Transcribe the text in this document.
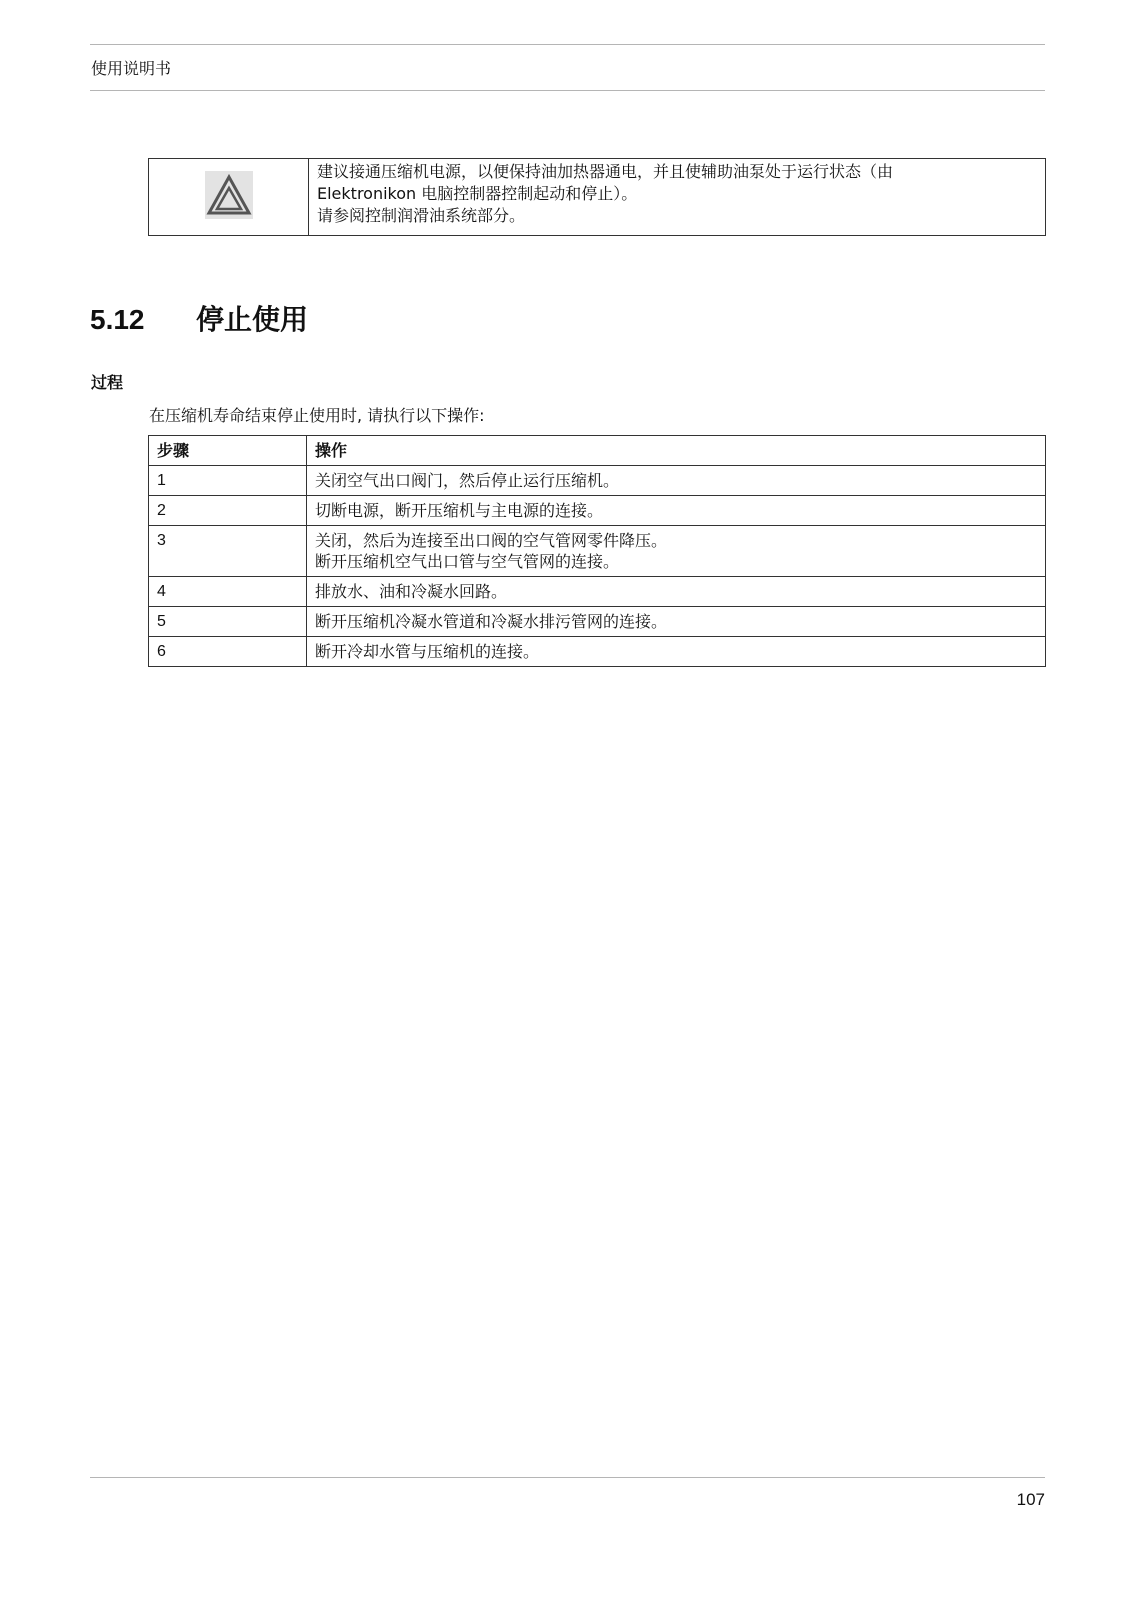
使用说明书

建议接通压缩机电源，以便保持油加热器通电，并且使辅助油泵处于运行状态（由
Elektronikon 电脑控制器控制起动和停止）。
请参阅控制润滑油系统部分。
5.12 停止使用
过程
在压缩机寿命结束停止使用时, 请执行以下操作:
步骤	操作
1	关闭空气出口阀门，然后停止运行压缩机。

2	切断电源，断开压缩机与主电源的连接。

3	关闭，然后为连接至出口阀的空气管网零件降压。
断开压缩机空气出口管与空气管网的连接。

4	排放水、油和冷凝水回路。

5	断开压缩机冷凝水管道和冷凝水排污管网的连接。

6	断开冷却水管与压缩机的连接。
107
